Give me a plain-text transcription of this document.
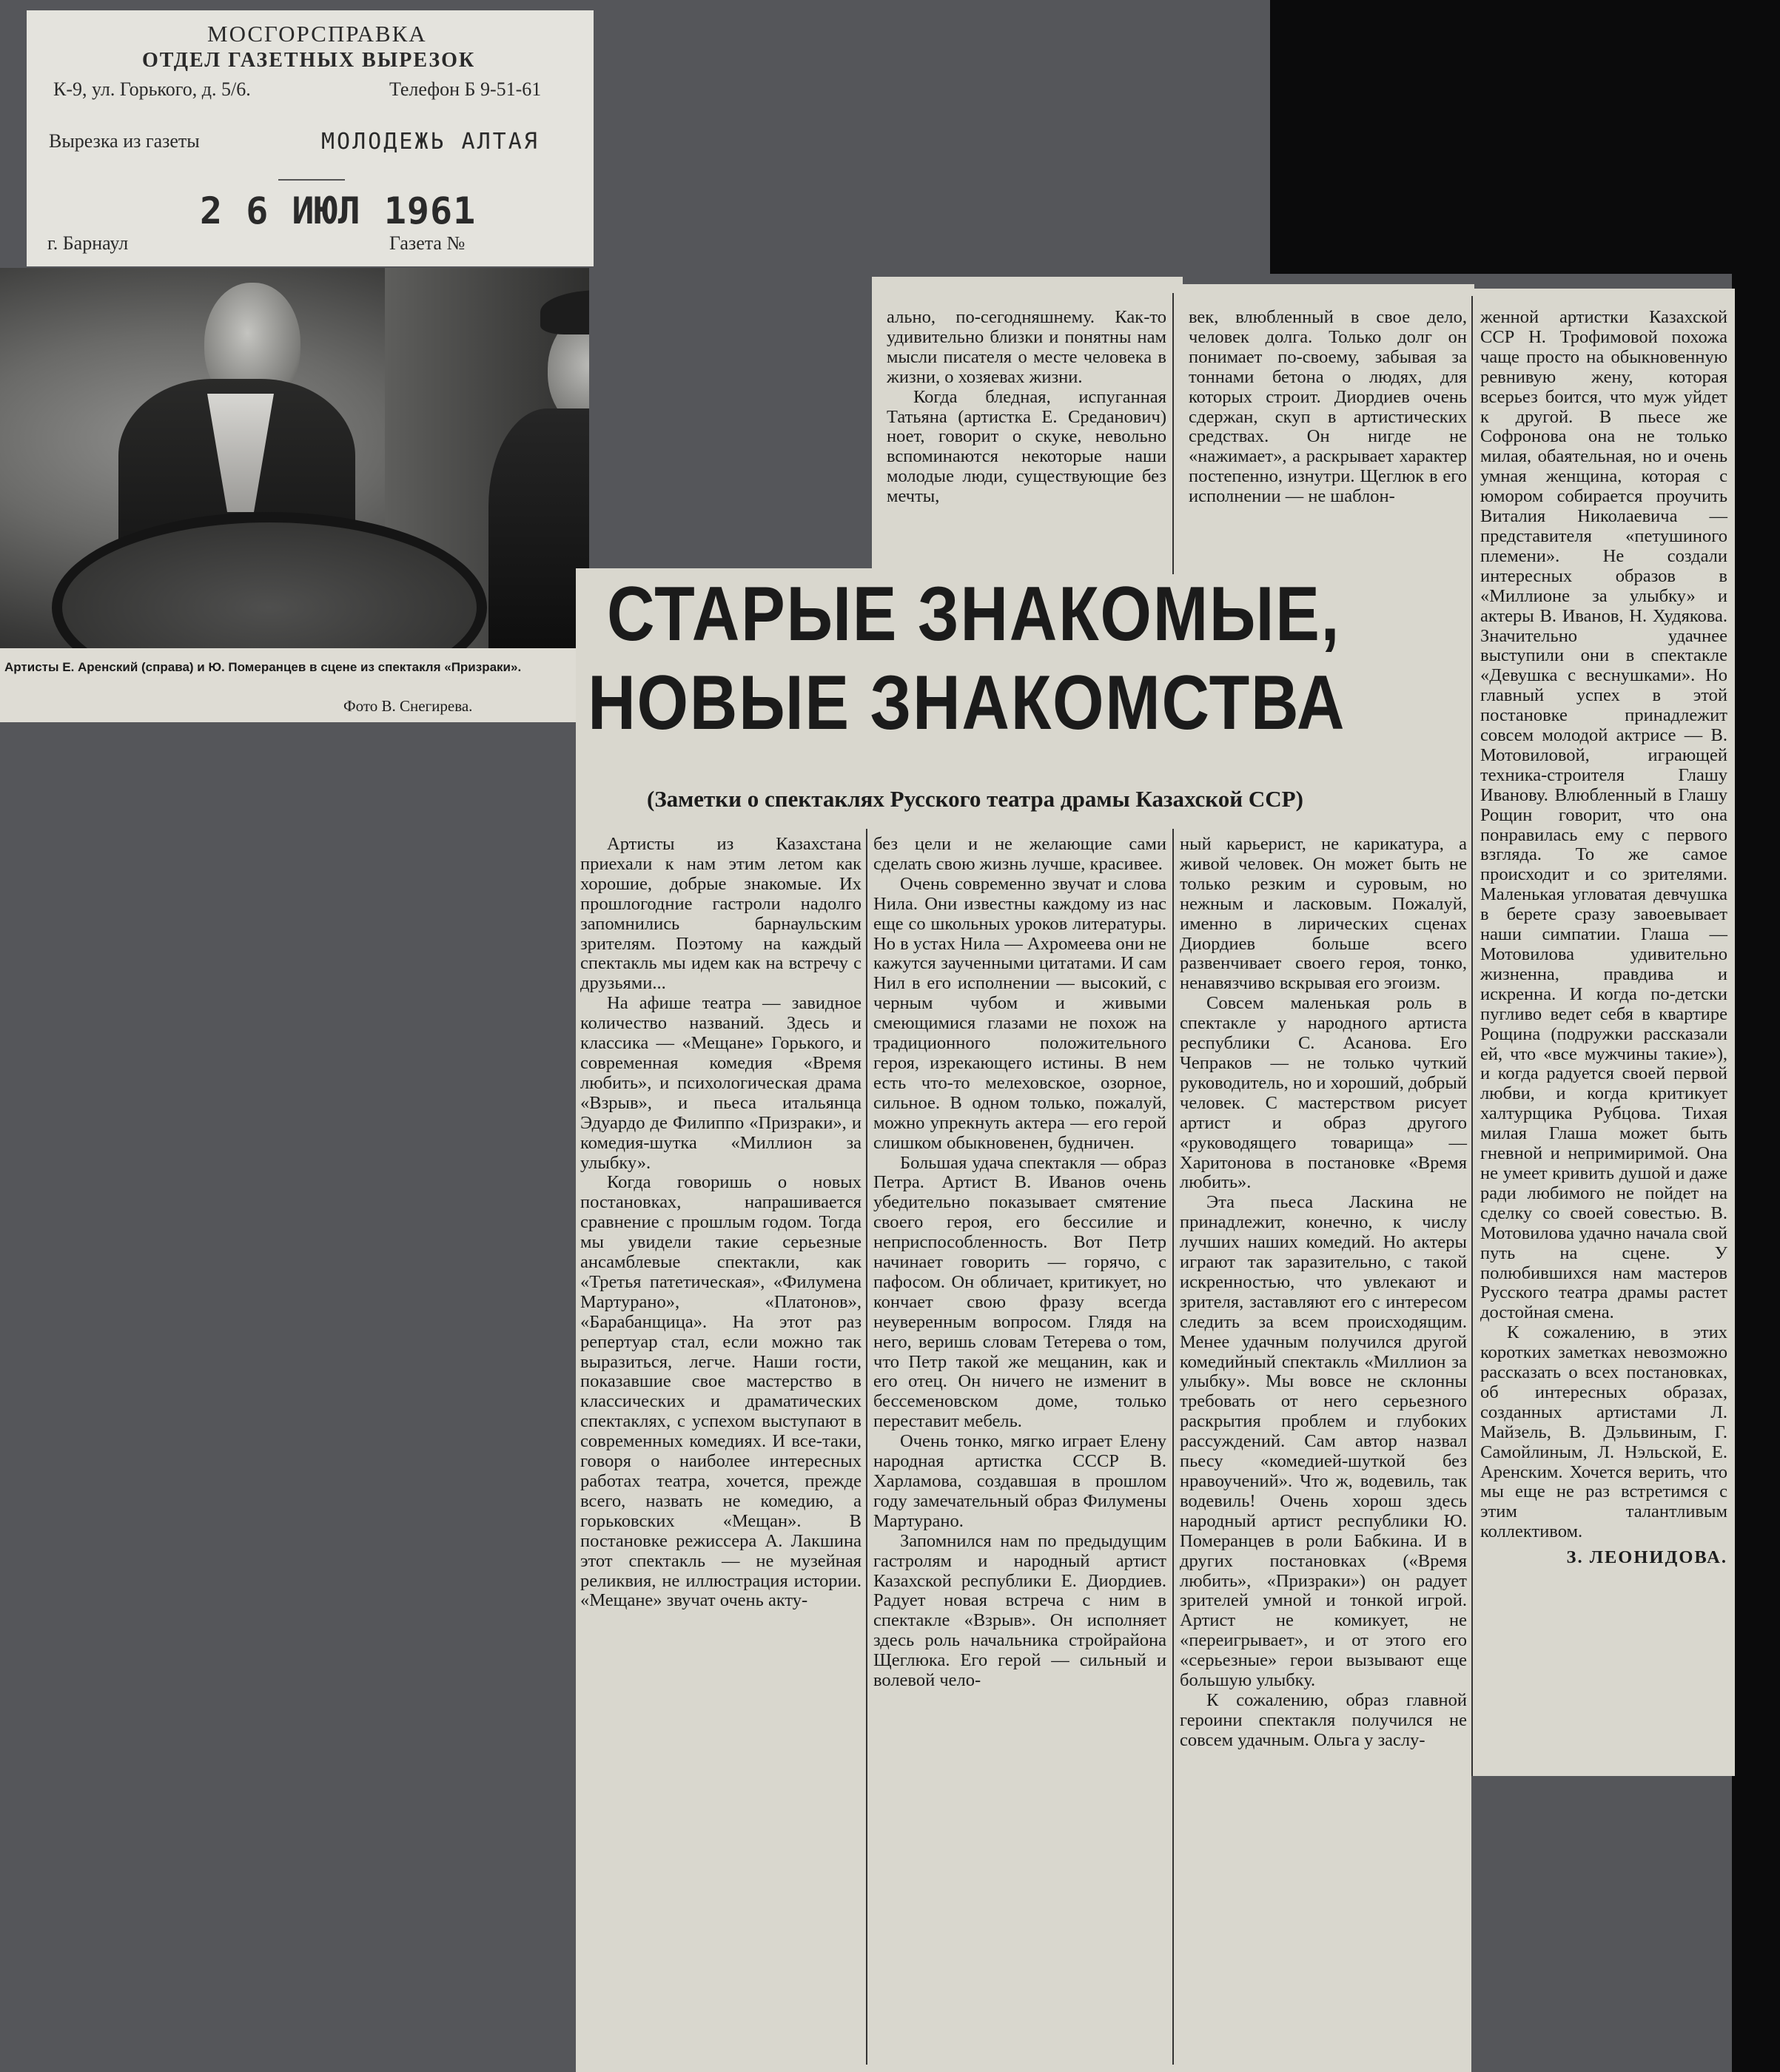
МОСГОРСПРАВКА
ОТДЕЛ ГАЗЕТНЫХ ВЫРЕЗОК
К-9, ул. Горького, д. 5/6.	Телефон Б 9-51-61
Вырезка из газеты	МОЛОДЕЖЬ АЛТАЯ
2 6 ИЮЛ 1961
г. Барнаул	Газета №
Артисты Е. Аренский (справа) и Ю. Померанцев в сцене из спектакля «Призраки».
Фото В. Снегирева.
СТАРЫЕ ЗНАКОМЫЕ,
НОВЫЕ ЗНАКОМСТВА
(Заметки о спектаклях Русского театра драмы Казахской ССР)

ально, по-сегодняшнему. Как-то удивительно близки и понятны нам мысли писателя о месте человека в жизни, о хозяевах жизни.

Когда бледная, испуганная Татьяна (артистка Е. Среданович) ноет, говорит о скуке, невольно вспоминаются некоторые наши молодые люди, существующие без мечты,

век, влюбленный в свое дело, человек долга. Только долг он понимает по-своему, забывая за тоннами бетона о людях, для которых строит. Диордиев очень сдержан, скуп в артистических средствах. Он нигде не «нажимает», а раскрывает характер постепенно, изнутри. Щеглюк в его исполнении — не шаблон-

Артисты из Казахстана приехали к нам этим летом как хорошие, добрые знакомые. Их прошлогодние гастроли надолго запомнились барнаульским зрителям. Поэтому на каждый спектакль мы идем как на встречу с друзьями...

На афише театра — завидное количество названий. Здесь и классика — «Мещане» Горького, и современная комедия «Время любить», и психологическая драма «Взрыв», и пьеса итальянца Эдуардо де Филиппо «Призраки», и комедия-шутка «Миллион за улыбку».

Когда говоришь о новых постановках, напрашивается сравнение с прошлым годом. Тогда мы увидели такие серьезные ансамблевые спектакли, как «Третья патетическая», «Филумена Мартурано», «Платонов», «Барабанщица». На этот раз репертуар стал, если можно так выразиться, легче. Наши гости, показавшие свое мастерство в классических и драматических спектаклях, с успехом выступают в современных комедиях. И все-таки, говоря о наиболее интересных работах театра, хочется, прежде всего, назвать не комедию, а горьковских «Мещан». В постановке режиссера А. Лакшина этот спектакль — не музейная реликвия, не иллюстрация истории. «Мещане» звучат очень акту-

без цели и не желающие сами сделать свою жизнь лучше, красивее.

Очень современно звучат и слова Нила. Они известны каждому из нас еще со школьных уроков литературы. Но в устах Нила — Ахромеева они не кажутся заученными цитатами. И сам Нил в его исполнении — высокий, с черным чубом и живыми смеющимися глазами не похож на традиционного положительного героя, изрекающего истины. В нем есть что-то мелеховское, озорное, сильное. В одном только, пожалуй, можно упрекнуть актера — его герой слишком обыкновенен, будничен.

Большая удача спектакля — образ Петра. Артист В. Иванов очень убедительно показывает смятение своего героя, его бессилие и неприспособленность. Вот Петр начинает говорить — горячо, с пафосом. Он обличает, критикует, но кончает свою фразу всегда неуверенным вопросом. Глядя на него, веришь словам Тетерева о том, что Петр такой же мещанин, как и его отец. Он ничего не изменит в бессеменовском доме, только переставит мебель.

Очень тонко, мягко играет Елену народная артистка СССР В. Харламова, создавшая в прошлом году замечательный образ Филумены Мартурано.

Запомнился нам по предыдущим гастролям и народный артист Казахской республики Е. Диордиев. Радует новая встреча с ним в спектакле «Взрыв». Он исполняет здесь роль начальника стройрайона Щеглюка. Его герой — сильный и волевой чело-

ный карьерист, не карикатура, а живой человек. Он может быть не только резким и суровым, но нежным и ласковым. Пожалуй, именно в лирических сценах Диордиев больше всего развенчивает своего героя, тонко, ненавязчиво вскрывая его эгоизм.

Совсем маленькая роль в спектакле у народного артиста республики С. Асанова. Его Чепраков — не только чуткий руководитель, но и хороший, добрый человек. С мастерством рисует артист и образ другого «руководящего товарища» — Харитонова в постановке «Время любить».

Эта пьеса Ласкина не принадлежит, конечно, к числу лучших наших комедий. Но актеры играют так заразительно, с такой искренностью, что увлекают и зрителя, заставляют его с интересом следить за всем происходящим. Менее удачным получился другой комедийный спектакль «Миллион за улыбку». Мы вовсе не склонны требовать от него серьезного раскрытия проблем и глубоких рассуждений. Сам автор назвал пьесу «комедией-шуткой без нравоучений». Что ж, водевиль, так водевиль! Очень хорош здесь народный артист республики Ю. Померанцев в роли Бабкина. И в других постановках («Время любить», «Призраки») он радует зрителей умной и тонкой игрой. Артист не комикует, не «переигрывает», и от этого его «серьезные» герои вызывают еще большую улыбку.

К сожалению, образ главной героини спектакля получился не совсем удачным. Ольга у заслу-

женной артистки Казахской ССР Н. Трофимовой похожа чаще просто на обыкновенную ревнивую жену, которая всерьез боится, что муж уйдет к другой. В пьесе же Софронова она не только милая, обаятельная, но и очень умная женщина, которая с юмором собирается проучить Виталия Николаевича — представителя «петушиного племени». Не создали интересных образов в «Миллионе за улыбку» и актеры В. Иванов, Н. Худякова. Значительно удачнее выступили они в спектакле «Девушка с веснушками». Но главный успех в этой постановке принадлежит совсем молодой актрисе — В. Мотовиловой, играющей техника-строителя Глашу Иванову. Влюбленный в Глашу Рощин говорит, что она понравилась ему с первого взгляда. То же самое происходит и со зрителями. Маленькая угловатая девчушка в берете сразу завоевывает наши симпатии. Глаша — Мотовилова удивительно жизненна, правдива и искренна. И когда по-детски пугливо ведет себя в квартире Рощина (подружки рассказали ей, что «все мужчины такие»), и когда радуется своей первой любви, и когда критикует халтурщика Рубцова. Тихая милая Глаша может быть гневной и непримиримой. Она не умеет кривить душой и даже ради любимого не пойдет на сделку со своей совестью. В. Мотовилова удачно начала свой путь на сцене. У полюбившихся нам мастеров Русского театра драмы растет достойная смена.

К сожалению, в этих коротких заметках невозможно рассказать о всех постановках, об интересных образах, созданных артистами Л. Майзель, В. Дэльвиным, Г. Самойлиным, Л. Нэльской, Е. Аренским. Хочется верить, что мы еще не раз встретимся с этим талантливым коллективом.

З. ЛЕОНИДОВА.
